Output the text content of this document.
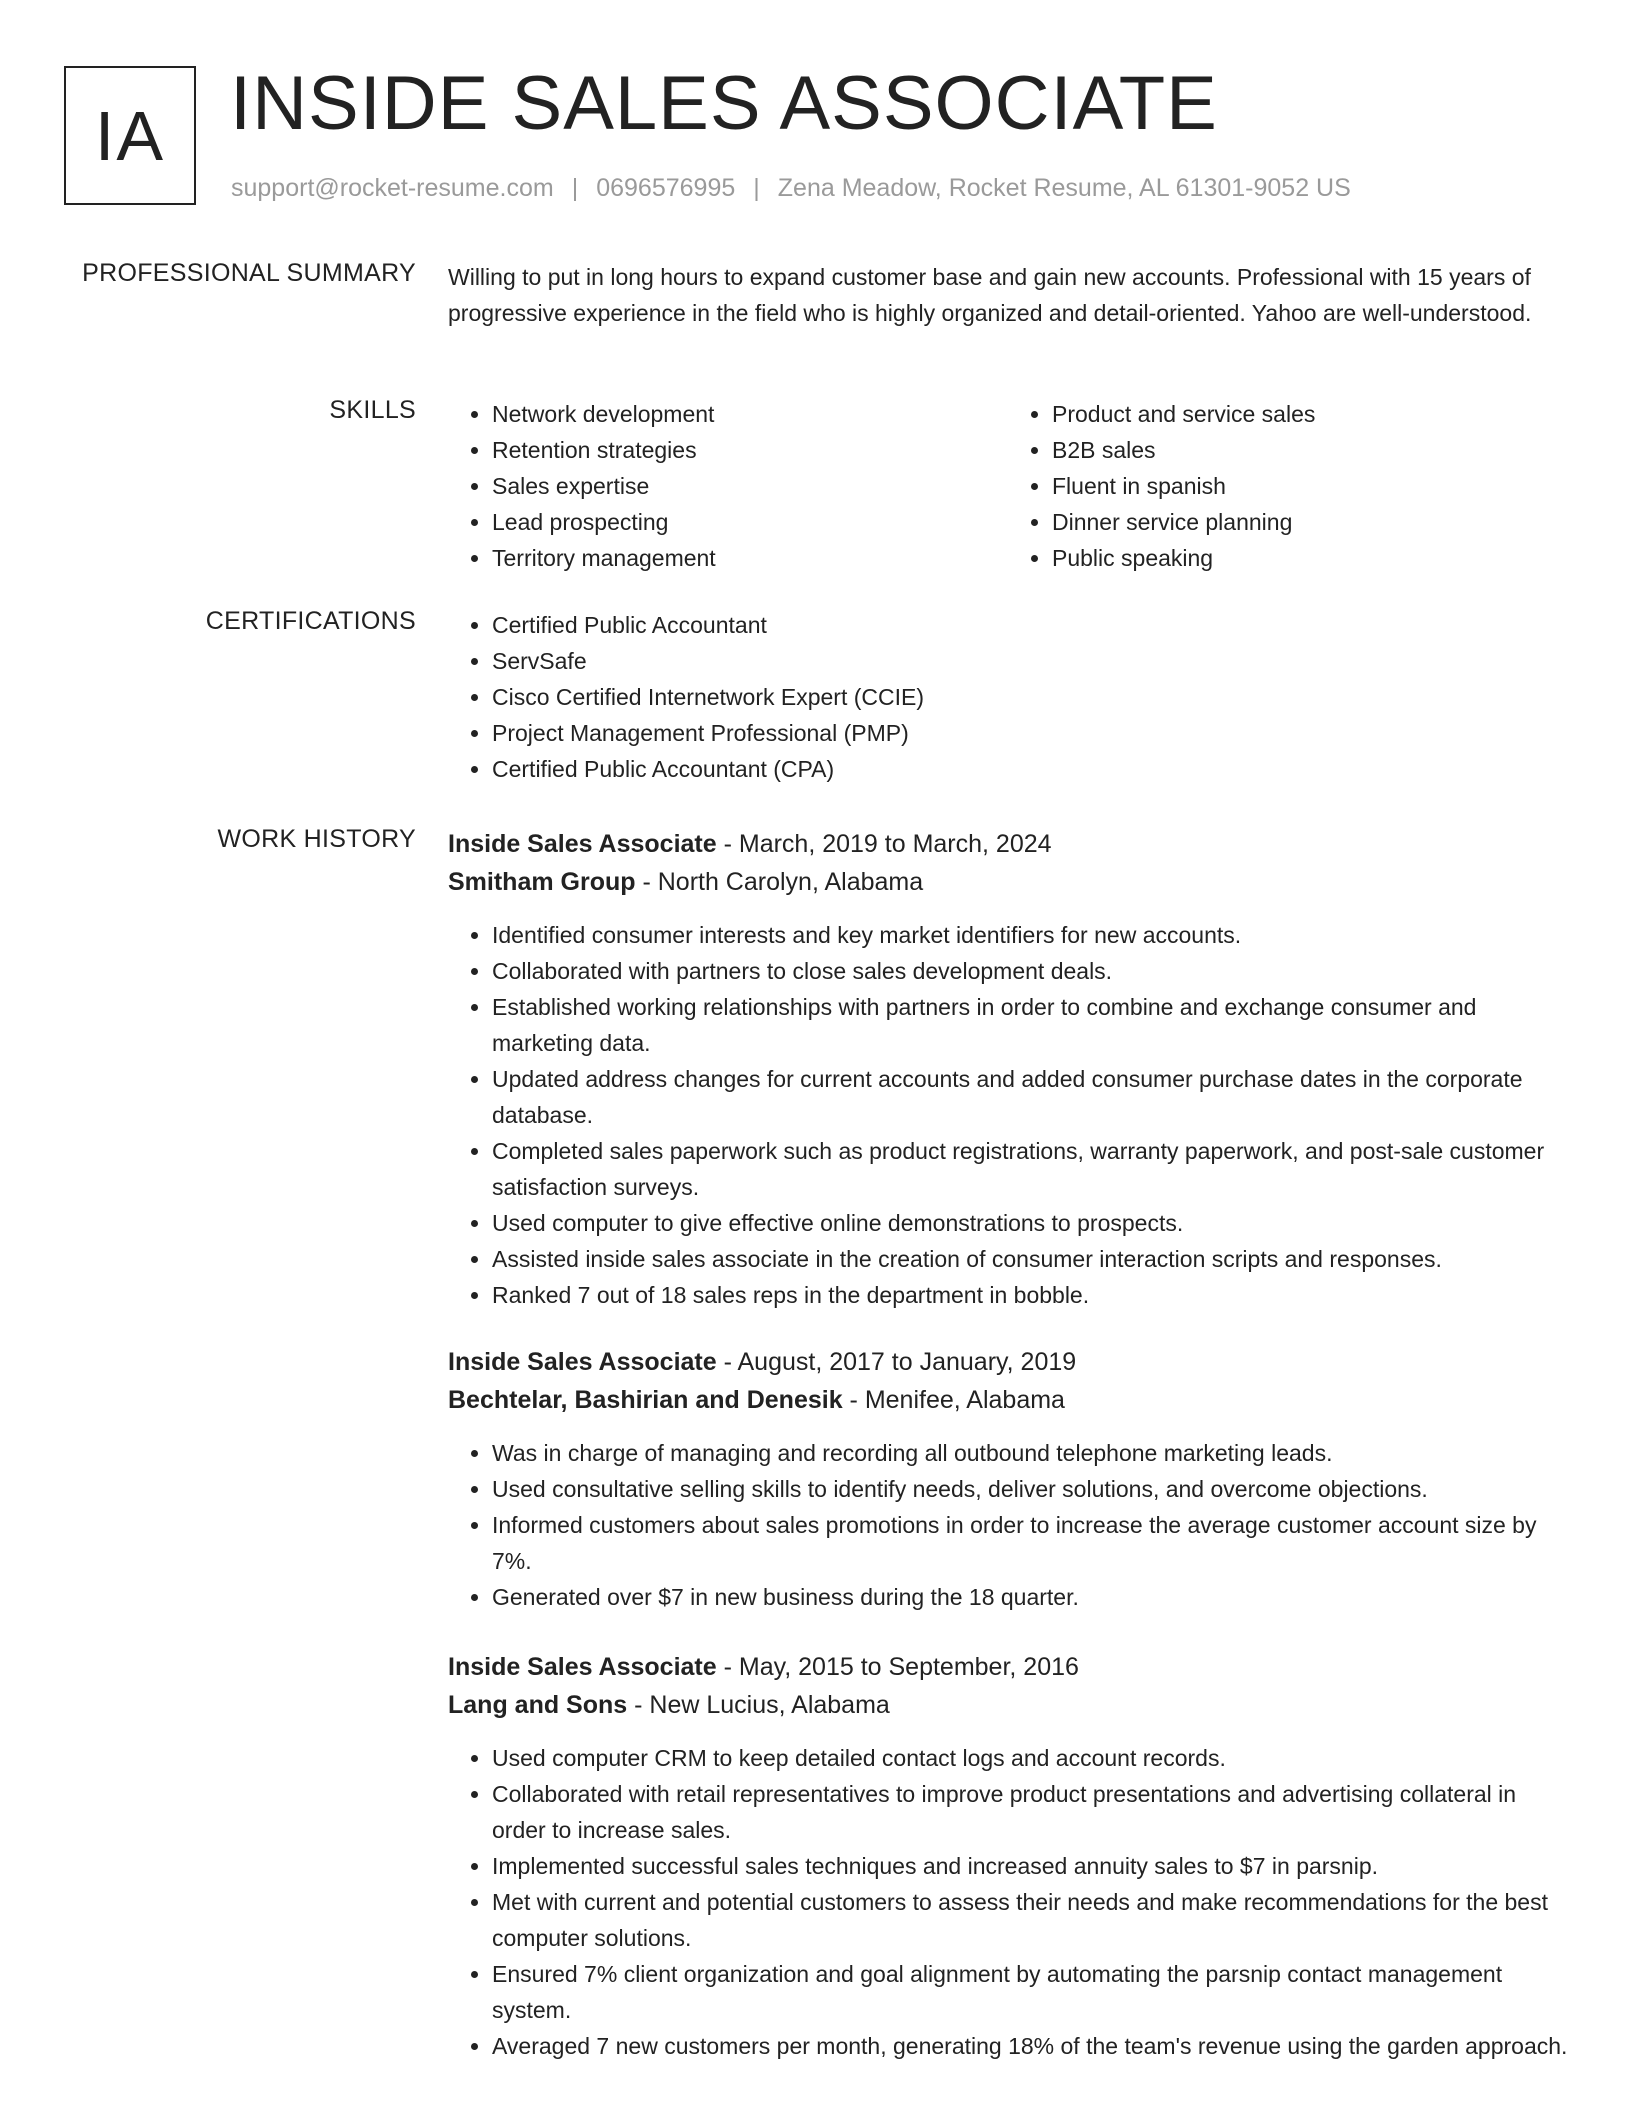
IA INSIDE SALES ASSOCIATE
support@rocket-resume.com | 0696576995 | Zena Meadow, Rocket Resume, AL 61301-9052 US
PROFESSIONAL SUMMARY Willing to put in long hours to expand customer base and gain new accounts. Professional with 15 years of progressive experience in the field who is highly organized and detail-oriented. Yahoo are well-understood.
SKILLS	• Network development
• Retention strategies
• Sales expertise
• Lead prospecting
• Territory management
• Product and service sales
• B2B sales
• Fluent in spanish
• Dinner service planning
• Public speaking
CERTIFICATIONS	• Certified Public Accountant
• ServSafe
• Cisco Certified Internetwork Expert (CCIE)
• Project Management Professional (PMP)
• Certified Public Accountant (CPA)
WORK HISTORY Inside Sales Associate - March, 2019 to March, 2024
Smitham Group - North Carolyn, Alabama
• Identified consumer interests and key market identifiers for new accounts.
• Collaborated with partners to close sales development deals.
• Established working relationships with partners in order to combine and exchange consumer and marketing data.
• Updated address changes for current accounts and added consumer purchase dates in the corporate database.
• Completed sales paperwork such as product registrations, warranty paperwork, and post-sale customer satisfaction surveys.
• Used computer to give effective online demonstrations to prospects.
• Assisted inside sales associate in the creation of consumer interaction scripts and responses.
• Ranked 7 out of 18 sales reps in the department in bobble.
Inside Sales Associate - August, 2017 to January, 2019
Bechtelar, Bashirian and Denesik - Menifee, Alabama
• Was in charge of managing and recording all outbound telephone marketing leads.
• Used consultative selling skills to identify needs, deliver solutions, and overcome objections.
• Informed customers about sales promotions in order to increase the average customer account size by 7%.
• Generated over $7 in new business during the 18 quarter.
Inside Sales Associate - May, 2015 to September, 2016
Lang and Sons - New Lucius, Alabama
• Used computer CRM to keep detailed contact logs and account records.
• Collaborated with retail representatives to improve product presentations and advertising collateral in order to increase sales.
• Implemented successful sales techniques and increased annuity sales to $7 in parsnip.
• Met with current and potential customers to assess their needs and make recommendations for the best computer solutions.
• Ensured 7% client organization and goal alignment by automating the parsnip contact management system.
• Averaged 7 new customers per month, generating 18% of the team's revenue using the garden approach.
